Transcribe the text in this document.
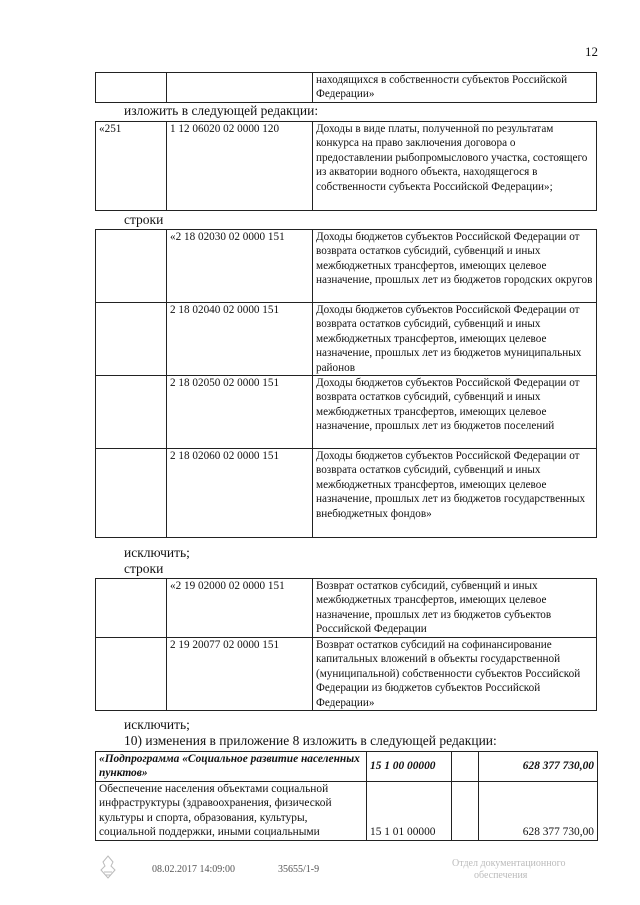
12
		находящихся в собственности субъектов Российской Федерации»
изложить в следующей редакции:
«251	1 12 06020 02 0000 120	Доходы в виде платы, полученной по результатам конкурса на право заключения договора о предоставлении рыбопромыслового участка, состоящего из акватории водного объекта, находящегося в собственности субъекта Российской Федерации»;
строки
	«2 18 02030 02 0000 151	Доходы бюджетов субъектов Российской Федерации от возврата остатков субсидий, субвенций и иных межбюджетных трансфертов, имеющих целевое назначение, прошлых лет из бюджетов городских округов
	2 18 02040 02 0000 151	Доходы бюджетов субъектов Российской Федерации от возврата остатков субсидий, субвенций и иных межбюджетных трансфертов, имеющих целевое назначение, прошлых лет из бюджетов муниципальных районов
	2 18 02050 02 0000 151	Доходы бюджетов субъектов Российской Федерации от возврата остатков субсидий, субвенций и иных межбюджетных трансфертов, имеющих целевое назначение, прошлых лет из бюджетов поселений
	2 18 02060 02 0000 151	Доходы бюджетов субъектов Российской Федерации от возврата остатков субсидий, субвенций и иных межбюджетных трансфертов, имеющих целевое назначение, прошлых лет из бюджетов государственных внебюджетных фондов»
исключить;
строки
	«2 19 02000 02 0000 151	Возврат остатков субсидий, субвенций и иных межбюджетных трансфертов, имеющих целевое назначение, прошлых лет из бюджетов субъектов Российской Федерации
	2 19 20077 02 0000 151	Возврат остатков субсидий на софинансирование капитальных вложений в объекты государственной (муниципальной) собственности субъектов Российской Федерации из бюджетов субъектов Российской Федерации»
исключить;
10) изменения в приложение 8 изложить в следующей редакции:
«Подпрограмма «Социальное развитие населенных пунктов»	15 1 00 00000		628 377 730,00
Обеспечение населения объектами социальной инфраструктуры (здравоохранения, физической культуры и спорта, образования, культуры, социальной поддержки, иными социальными	15 1 01 00000		628 377 730,00
08.02.2017 14:09:00	35655/1-9
Отдел документационного
обеспечения
